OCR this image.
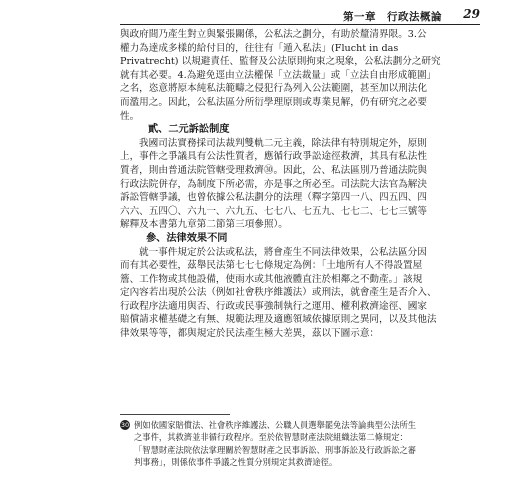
第一章　行政法概論 29

與政府間乃產生對立與緊張關係，公私法之劃分，有助於釐清界限。3.公

權力為達成多樣的給付目的，往往有「遁入私法」(Flucht in das

Privatrecht) 以規避責任、監督及公法原則拘束之現象，公私法劃分之研究

就有其必要。4.為避免逕由立法權保「立法裁量」或「立法自由形成範圍」

之名，恣意將原本純私法範疇之侵犯行為列入公法範圍，甚至加以刑法化

而濫用之。因此，公私法區分所衍學理原則或專業見解，仍有研究之必要

性。

貳、二元訴訟制度

我國司法實務採司法裁判雙軌二元主義，除法律有特別規定外，原則

上，事件之爭議具有公法性質者，應循行政爭訟途徑救濟，其具有私法性

質者，則由普通法院管轄受理救濟㉚。因此，公、私法區別乃普通法院與

行政法院併存，為制度下所必需，亦是事之所必至。司法院大法官為解決

訴訟管轄爭議，也曾依據公私法劃分的法理（釋字第四一八、四五四、四

六六、五四〇、六九一、六九五、七七八、七五九、七七二、七七三號等

解釋及本書第九章第二節第三項參照）。

參、法律效果不同

就一事件規定於公法或私法，將會產生不同法律效果，公私法區分因

而有其必要性，茲舉民法第七七七條規定為例：「土地所有人不得設置屋

簷、工作物或其他設備，使雨水或其他液體直注於相鄰之不動產。」該規

定內容若出現於公法（例如社會秩序維護法）或刑法，就會產生是否介入、

行政程序法適用與否、行政或民事強制執行之運用、權利救濟途徑、國家

賠償請求權基礎之有無、規範法理及適應領域依據原則之異同，以及其他法

律效果等等，都與規定於民法產生極大差異，茲以下圖示意：

30 例如依國家賠償法、社會秩序維護法、公職人員選舉罷免法等論典型公法所生

之事件，其救濟並非循行政程序。至於依智慧財產法院組織法第二條規定：

「智慧財產法院依法掌理關於智慧財產之民事訴訟、刑事訴訟及行政訴訟之審

判事務」，則係依事件爭議之性質分別規定其救濟途徑。
